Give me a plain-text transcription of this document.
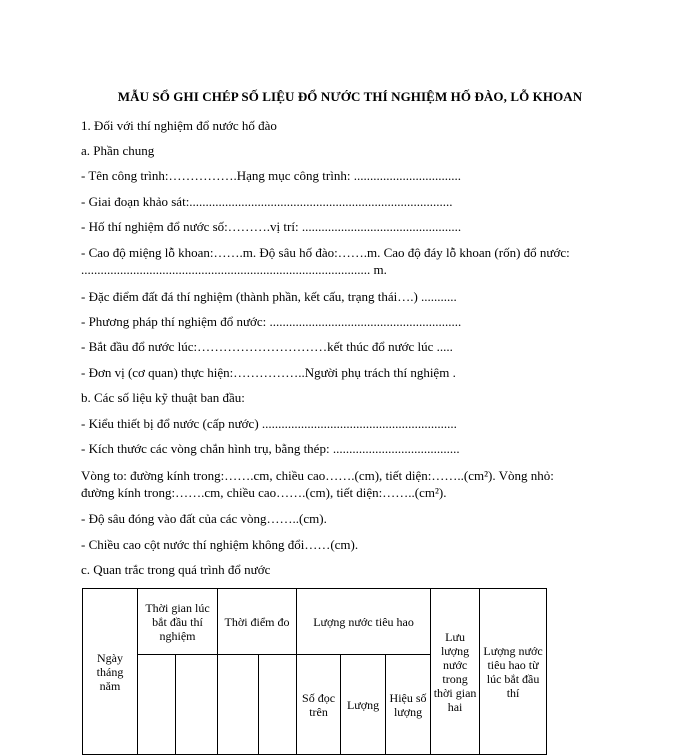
MẪU SỔ GHI CHÉP SỐ LIỆU ĐỔ NƯỚC THÍ NGHIỆM HỐ ĐÀO, LỖ KHOAN
1. Đối với thí nghiệm đổ nước hố đào
a. Phần chung
- Tên công trình:…………….Hạng mục công trình: .................................
- Giai đoạn khảo sát:.................................................................................
- Hố thí nghiệm đổ nước số:……….vị trí: .................................................
- Cao độ miệng lỗ khoan:…….m. Độ sâu hố đào:…….m. Cao độ đáy lỗ khoan (rốn) đổ nước: ......................................................................................... m.
- Đặc điểm đất đá thí nghiệm (thành phần, kết cấu, trạng thái….) ...........
- Phương pháp thí nghiệm đổ nước: ...........................................................
- Bắt đầu đổ nước lúc:…………………………kết thúc đổ nước lúc .....
- Đơn vị (cơ quan) thực hiện:……………..Người phụ trách thí nghiệm .
b. Các số liệu kỹ thuật ban đầu:
- Kiểu thiết bị đổ nước (cấp nước) ............................................................
- Kích thước các vòng chắn hình trụ, bằng thép: .......................................
Vòng to: đường kính trong:…….cm, chiều cao…….(cm), tiết diện:……..(cm²). Vòng nhỏ: đường kính trong:…….cm, chiều cao…….(cm), tiết diện:……..(cm²).
- Độ sâu đóng vào đất của các vòng……..(cm).
- Chiều cao cột nước thí nghiệm không đổi……(cm).
c. Quan trắc trong quá trình đổ nước
Ngày tháng năm	Thời gian lúc bắt đầu thí nghiệm		Thời điểm đo		Lượng nước tiêu hao			Lưu lượng nước trong thời gian hai	Lượng nước tiêu hao từ lúc bắt đầu thí
					Số đọc trên	Lượng	Hiệu số lượng		
